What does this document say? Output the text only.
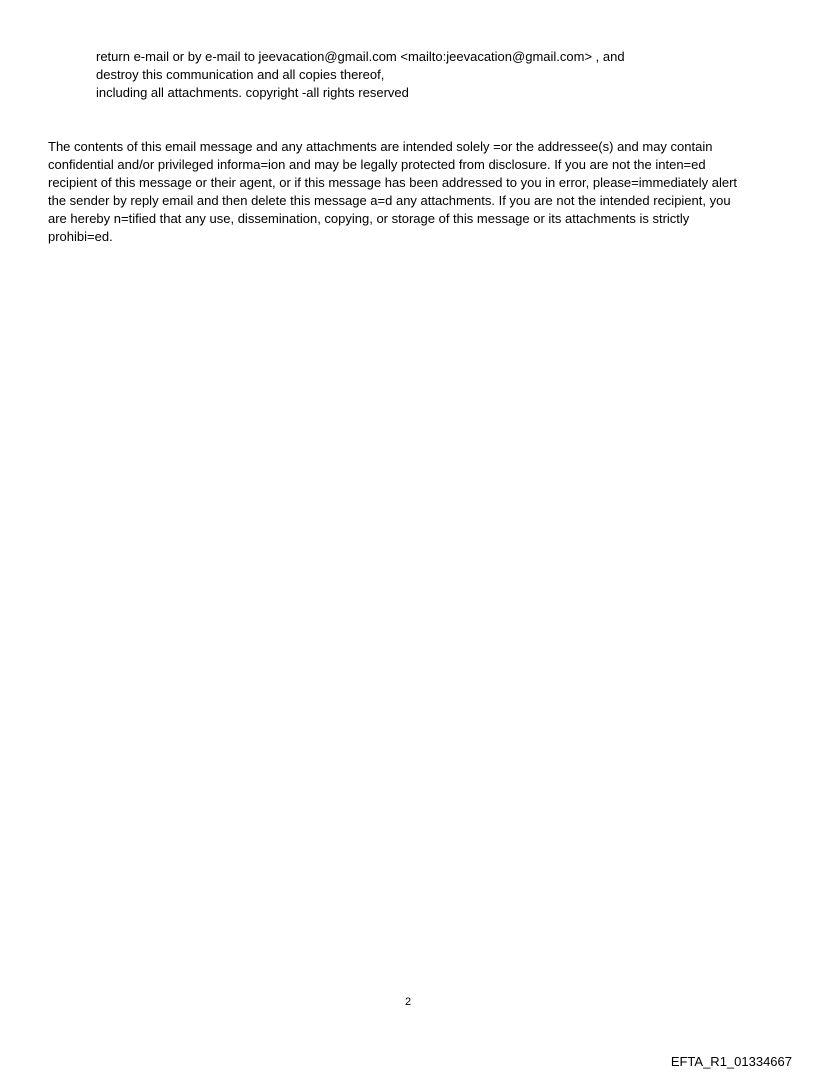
return e-mail or by e-mail to jeevacation@gmail.com <mailto:jeevacation@gmail.com> , and
destroy this communication and all copies thereof,
including all attachments. copyright -all rights reserved
The contents of this email message and any attachments are intended solely =or the addressee(s) and may contain
confidential and/or privileged informa=ion and may be legally protected from disclosure. If you are not the inten=ed
recipient of this message or their agent, or if this message has been addressed to you in error, please=immediately alert
the sender by reply email and then delete this message a=d any attachments. If you are not the intended recipient, you
are hereby n=tified that any use, dissemination, copying, or storage of this message or its attachments is strictly
prohibi=ed.
2
EFTA_R1_01334667
